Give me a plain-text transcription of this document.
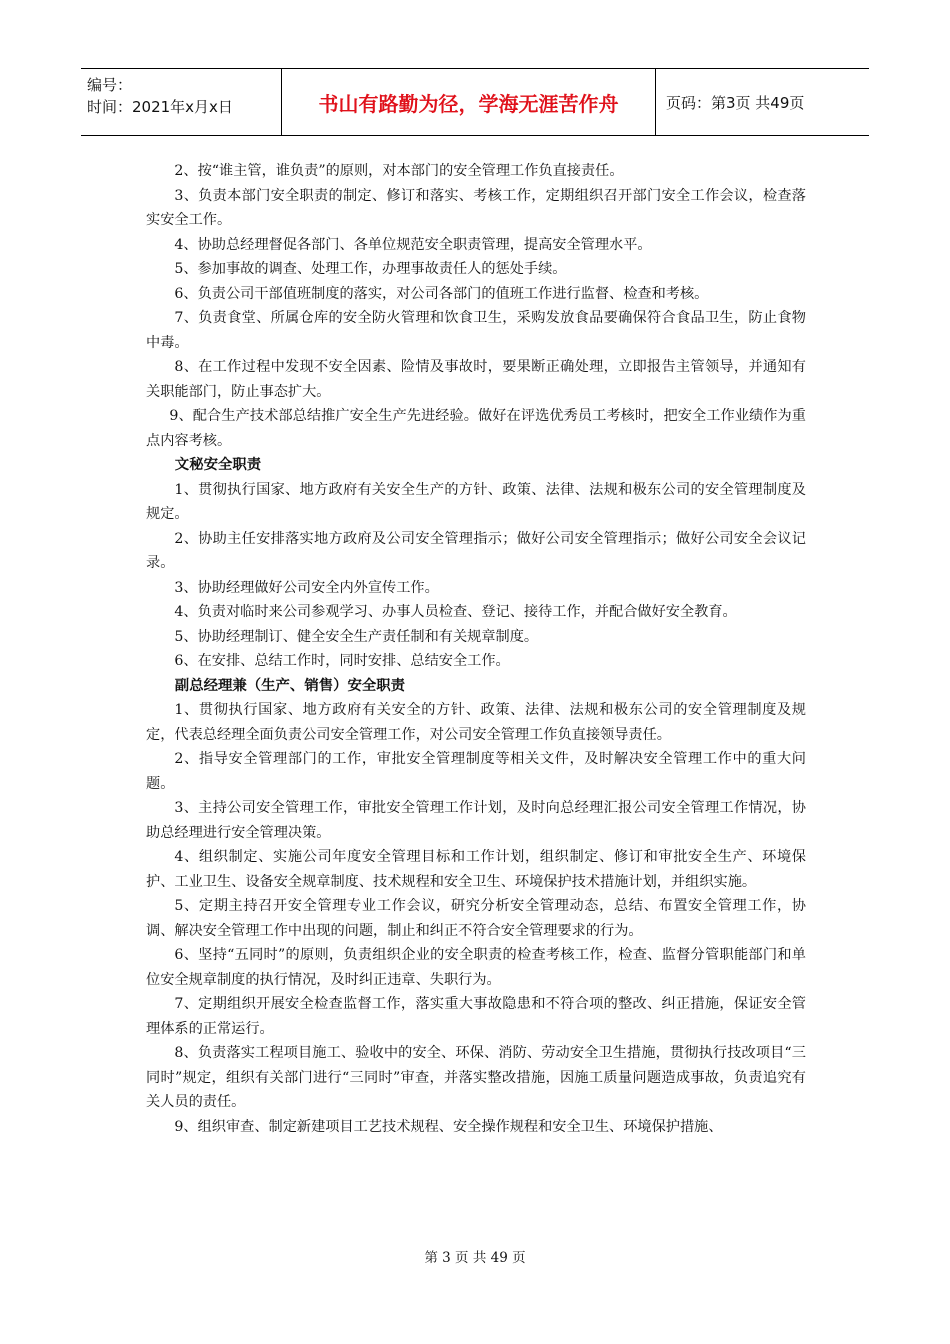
编号：
时间：2021年x月x日	书山有路勤为径，学海无涯苦作舟	页码：第3页 共49页

2、按“谁主管，谁负责”的原则，对本部门的安全管理工作负直接责任。

3、负责本部门安全职责的制定、修订和落实、考核工作，定期组织召开部门安全工作会议，检查落实安全工作。

4、协助总经理督促各部门、各单位规范安全职责管理，提高安全管理水平。

5、参加事故的调查、处理工作，办理事故责任人的惩处手续。

6、负责公司干部值班制度的落实，对公司各部门的值班工作进行监督、检查和考核。

7、负责食堂、所属仓库的安全防火管理和饮食卫生，采购发放食品要确保符合食品卫生，防止食物中毒。

8、在工作过程中发现不安全因素、险情及事故时，要果断正确处理，立即报告主管领导，并通知有关职能部门，防止事态扩大。

9、配合生产技术部总结推广安全生产先进经验。做好在评选优秀员工考核时，把安全工作业绩作为重点内容考核。

文秘安全职责

1、贯彻执行国家、地方政府有关安全生产的方针、政策、法律、法规和极东公司的安全管理制度及规定。

2、协助主任安排落实地方政府及公司安全管理指示；做好公司安全管理指示；做好公司安全会议记录。

3、协助经理做好公司安全内外宣传工作。

4、负责对临时来公司参观学习、办事人员检查、登记、接待工作，并配合做好安全教育。

5、协助经理制订、健全安全生产责任制和有关规章制度。

6、在安排、总结工作时，同时安排、总结安全工作。

副总经理兼（生产、销售）安全职责

1、贯彻执行国家、地方政府有关安全的方针、政策、法律、法规和极东公司的安全管理制度及规定，代表总经理全面负责公司安全管理工作，对公司安全管理工作负直接领导责任。

2、指导安全管理部门的工作，审批安全管理制度等相关文件，及时解决安全管理工作中的重大问题。

3、主持公司安全管理工作，审批安全管理工作计划，及时向总经理汇报公司安全管理工作情况，协助总经理进行安全管理决策。

4、组织制定、实施公司年度安全管理目标和工作计划，组织制定、修订和审批安全生产、环境保护、工业卫生、设备安全规章制度、技术规程和安全卫生、环境保护技术措施计划，并组织实施。

5、定期主持召开安全管理专业工作会议，研究分析安全管理动态，总结、布置安全管理工作，协调、解决安全管理工作中出现的问题，制止和纠正不符合安全管理要求的行为。

6、坚持“五同时”的原则，负责组织企业的安全职责的检查考核工作，检查、监督分管职能部门和单位安全规章制度的执行情况，及时纠正违章、失职行为。

7、定期组织开展安全检查监督工作，落实重大事故隐患和不符合项的整改、纠正措施，保证安全管理体系的正常运行。

8、负责落实工程项目施工、验收中的安全、环保、消防、劳动安全卫生措施，贯彻执行技改项目“三同时”规定，组织有关部门进行“三同时”审查，并落实整改措施，因施工质量问题造成事故，负责追究有关人员的责任。

9、组织审查、制定新建项目工艺技术规程、安全操作规程和安全卫生、环境保护措施、

第 3 页 共 49 页
